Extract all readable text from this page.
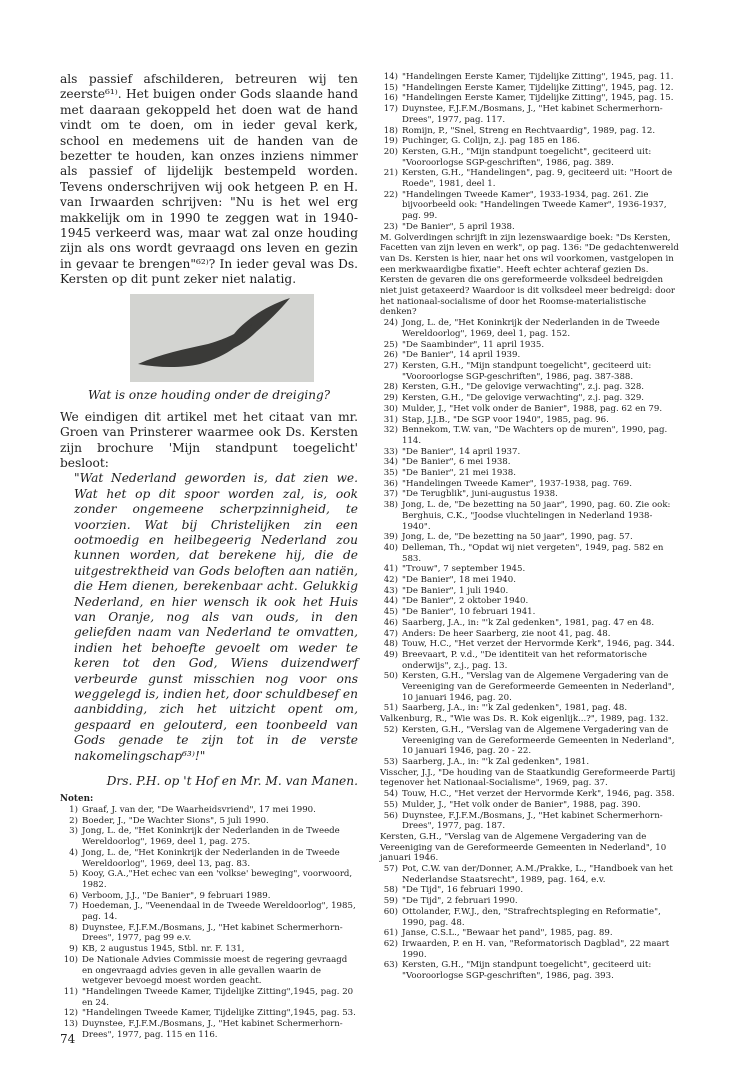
als passief afschilderen, betreuren wij ten zeerste⁶¹⁾. Het buigen onder Gods slaande hand met daaraan gekoppeld het doen wat de hand vindt om te doen, om in ieder geval kerk, school en medemens uit de handen van de bezetter te houden, kan onzes inziens nimmer als passief of lijdelijk bestempeld worden. Tevens onderschrijven wij ook hetgeen P. en H. van Irwaarden schrijven: "Nu is het wel erg makkelijk om in 1990 te zeggen wat in 1940-1945 verkeerd was, maar wat zal onze houding zijn als ons wordt gevraagd ons leven en gezin in gevaar te brengen"⁶²⁾? In ieder geval was Ds. Kersten op dit punt zeker niet nalatig.

Wat is onze houding onder de dreiging?

We eindigen dit artikel met het citaat van mr. Groen van Prinsterer waarmee ook Ds. Kersten zijn brochure 'Mijn standpunt toegelicht' besloot:

"Wat Nederland geworden is, dat zien we. Wat het op dit spoor worden zal, is, ook zonder ongemeene scherpzinnigheid, te voorzien. Wat bij Christelijken zin een ootmoedig en heilbegeerig Nederland zou kunnen worden, dat berekene hij, die de uitgestrektheid van Gods beloften aan natiën, die Hem dienen, berekenbaar acht. Gelukkig Nederland, en hier wensch ik ook het Huis van Oranje, nog als van ouds, in den geliefden naam van Nederland te omvatten, indien het behoefte gevoelt om weder te keren tot den God, Wiens duizendwerf verbeurde gunst misschien nog voor ons weggelegd is, indien het, door schuldbesef en aanbidding, zich het uitzicht opent om, gespaard en gelouterd, een toonbeeld van Gods genade te zijn tot in de verste nakomelingschap⁶³⁾!"

Drs. P.H. op 't Hof en Mr. M. van Manen.
Noten:
1) Graaf, J. van der, "De Waarheidsvriend", 17 mei 1990.
2) Boeder, J., "De Wachter Sions", 5 juli 1990.
3) Jong, L. de, "Het Koninkrijk der Nederlanden in de Tweede Wereldoorlog", 1969, deel 1, pag. 275.
4) Jong, L. de, "Het Koninkrijk der Nederlanden in de Tweede Wereldoorlog", 1969, deel 13, pag. 83.
5) Kooy, G.A.,"Het echec van een 'volkse' beweging", voorwoord, 1982.
6) Verboom, J.J., "De Banier", 9 februari 1989.
7) Hoedeman, J., "Veenendaal in de Tweede Wereldoorlog", 1985, pag. 14.
8) Duynstee, F.J.F.M./Bosmans, J., "Het kabinet Schermerhorn-Drees", 1977, pag 99 e.v.
9) KB, 2 augustus 1945, Stbl. nr. F. 131,
10) De Nationale Advies Commissie moest de regering gevraagd en ongevraagd advies geven in alle gevallen waarin de wetgever bevoegd moest worden geacht.
11) "Handelingen Tweede Kamer, Tijdelijke Zitting",1945, pag. 20 en 24.
12) "Handelingen Tweede Kamer, Tijdelijke Zitting",1945, pag. 53.
13) Duynstee, F.J.F.M./Bosmans, J., "Het kabinet Schermerhorn-Drees", 1977, pag. 115 en 116.
14) "Handelingen Eerste Kamer, Tijdelijke Zitting", 1945, pag. 11.
15) "Handelingen Eerste Kamer, Tijdelijke Zitting", 1945, pag. 12.
16) "Handelingen Eerste Kamer, Tijdelijke Zitting", 1945, pag. 15.
17) Duynstee, F.J.F.M./Bosmans, J., "Het kabinet Schermerhorn-Drees", 1977, pag. 117.
18) Romijn, P., "Snel, Streng en Rechtvaardig", 1989, pag. 12.
19) Puchinger, G. Colijn, z.j. pag 185 en 186.
20) Kersten, G.H., "Mijn standpunt toegelicht", geciteerd uit: "Vooroorlogse SGP-geschriften", 1986, pag. 389.
21) Kersten, G.H., "Handelingen", pag. 9, geciteerd uit: "Hoort de Roede", 1981, deel 1.
22) "Handelingen Tweede Kamer", 1933-1934, pag. 261. Zie bijvoorbeeld ook: "Handelingen Tweede Kamer", 1936-1937, pag. 99.
23) "De Banier", 5 april 1938.
M. Golverdingen schrijft in zijn lezenswaardige boek: "Ds Kersten, Facetten van zijn leven en werk", op pag. 136: "De gedachtenwereld van Ds. Kersten is hier, naar het ons wil voorkomen, vastgelopen in een merkwaardigbe fixatie". Heeft echter achteraf gezien Ds. Kersten de gevaren die ons gereformeerde volksdeel bedreigden niet juist getaxeerd? Waardoor is dit volksdeel meer bedreigd: door het nationaal-socialisme of door het Roomse-materialistische denken?
24) Jong, L. de, "Het Koninkrijk der Nederlanden in de Tweede Wereldoorlog", 1969, deel 1, pag. 152.
25) "De Saambinder", 11 april 1935.
26) "De Banier", 14 april 1939.
27) Kersten, G.H., "Mijn standpunt toegelicht", geciteerd uit: "Vooroorlogse SGP-geschriften", 1986, pag. 387-388.
28) Kersten, G.H., "De gelovige verwachting", z.j. pag. 328.
29) Kersten, G.H., "De gelovige verwachting", z.j. pag. 329.
30) Mulder, J., "Het volk onder de Banier", 1988, pag. 62 en 79.
31) Stap, J.J.B., "De SGP voor 1940", 1985, pag. 96.
32) Bennekom, T.W. van, "De Wachters op de muren", 1990, pag. 114.
33) "De Banier", 14 april 1937.
34) "De Banier", 6 mei 1938.
35) "De Banier", 21 mei 1938.
36) "Handelingen Tweede Kamer", 1937-1938, pag. 769.
37) "De Terugblik", juni-augustus 1938.
38) Jong, L. de, "De bezetting na 50 jaar", 1990, pag. 60. Zie ook: Berghuis, C.K., "Joodse vluchtelingen in Nederland 1938-1940".
39) Jong, L. de, "De bezetting na 50 jaar", 1990, pag. 57.
40) Delleman, Th., "Opdat wij niet vergeten", 1949, pag. 582 en 583.
41) "Trouw", 7 september 1945.
42) "De Banier", 18 mei 1940.
43) "De Banier", 1 juli 1940.
44) "De Banier", 2 oktober 1940.
45) "De Banier", 10 februari 1941.
46) Saarberg, J.A., in: "'k Zal gedenken", 1981, pag. 47 en 48.
47) Anders: De heer Saarberg, zie noot 41, pag. 48.
48) Touw, H.C., "Het verzet der Hervormde Kerk", 1946, pag. 344.
49) Breevaart, P. v.d., "De identiteit van het reformatorische onderwijs", z.j., pag. 13.
50) Kersten, G.H., "Verslag van de Algemene Vergadering van de Vereeniging van de Gereformeerde Gemeenten in Nederland", 10 januari 1946, pag. 20.
51) Saarberg, J.A., in: "'k Zal gedenken", 1981, pag. 48.
Valkenburg, R., "Wie was Ds. R. Kok eigenlijk...?", 1989, pag. 132.
52) Kersten, G.H., "Verslag van de Algemene Vergadering van de Vereeniging van de Gereformeerde Gemeenten in Nederland", 10 januari 1946, pag. 20 - 22.
53) Saarberg, J.A., in: "'k Zal gedenken", 1981.
Visscher, J.J., "De houding van de Staatkundig Gereformeerde Partij tegenover het Nationaal-Socialisme", 1969, pag. 37.
54) Touw, H.C., "Het verzet der Hervormde Kerk", 1946, pag. 358.
55) Mulder, J., "Het volk onder de Banier", 1988, pag. 390.
56) Duynstee, F.J.F.M./Bosmans, J., "Het kabinet Schermerhorn-Drees", 1977, pag. 187.
Kersten, G.H., "Verslag van de Algemene Vergadering van de Vereeniging van de Gereformeerde Gemeenten in Nederland", 10 januari 1946.
57) Pot, C.W. van der/Donner, A.M./Prakke, L., "Handboek van het Nederlandse Staatsrecht", 1989, pag. 164, e.v.
58) "De Tijd", 16 februari 1990.
59) "De Tijd", 2 februari 1990.
60) Ottolander, F.W.J., den, "Strafrechtspleging en Reformatie", 1990, pag. 48.
61) Janse, C.S.L., "Bewaar het pand", 1985, pag. 89.
62) Irwaarden, P. en H. van, "Reformatorisch Dagblad", 22 maart 1990.
63) Kersten, G.H., "Mijn standpunt toegelicht", geciteerd uit: "Vooroorlogse SGP-geschriften", 1986, pag. 393.
74
